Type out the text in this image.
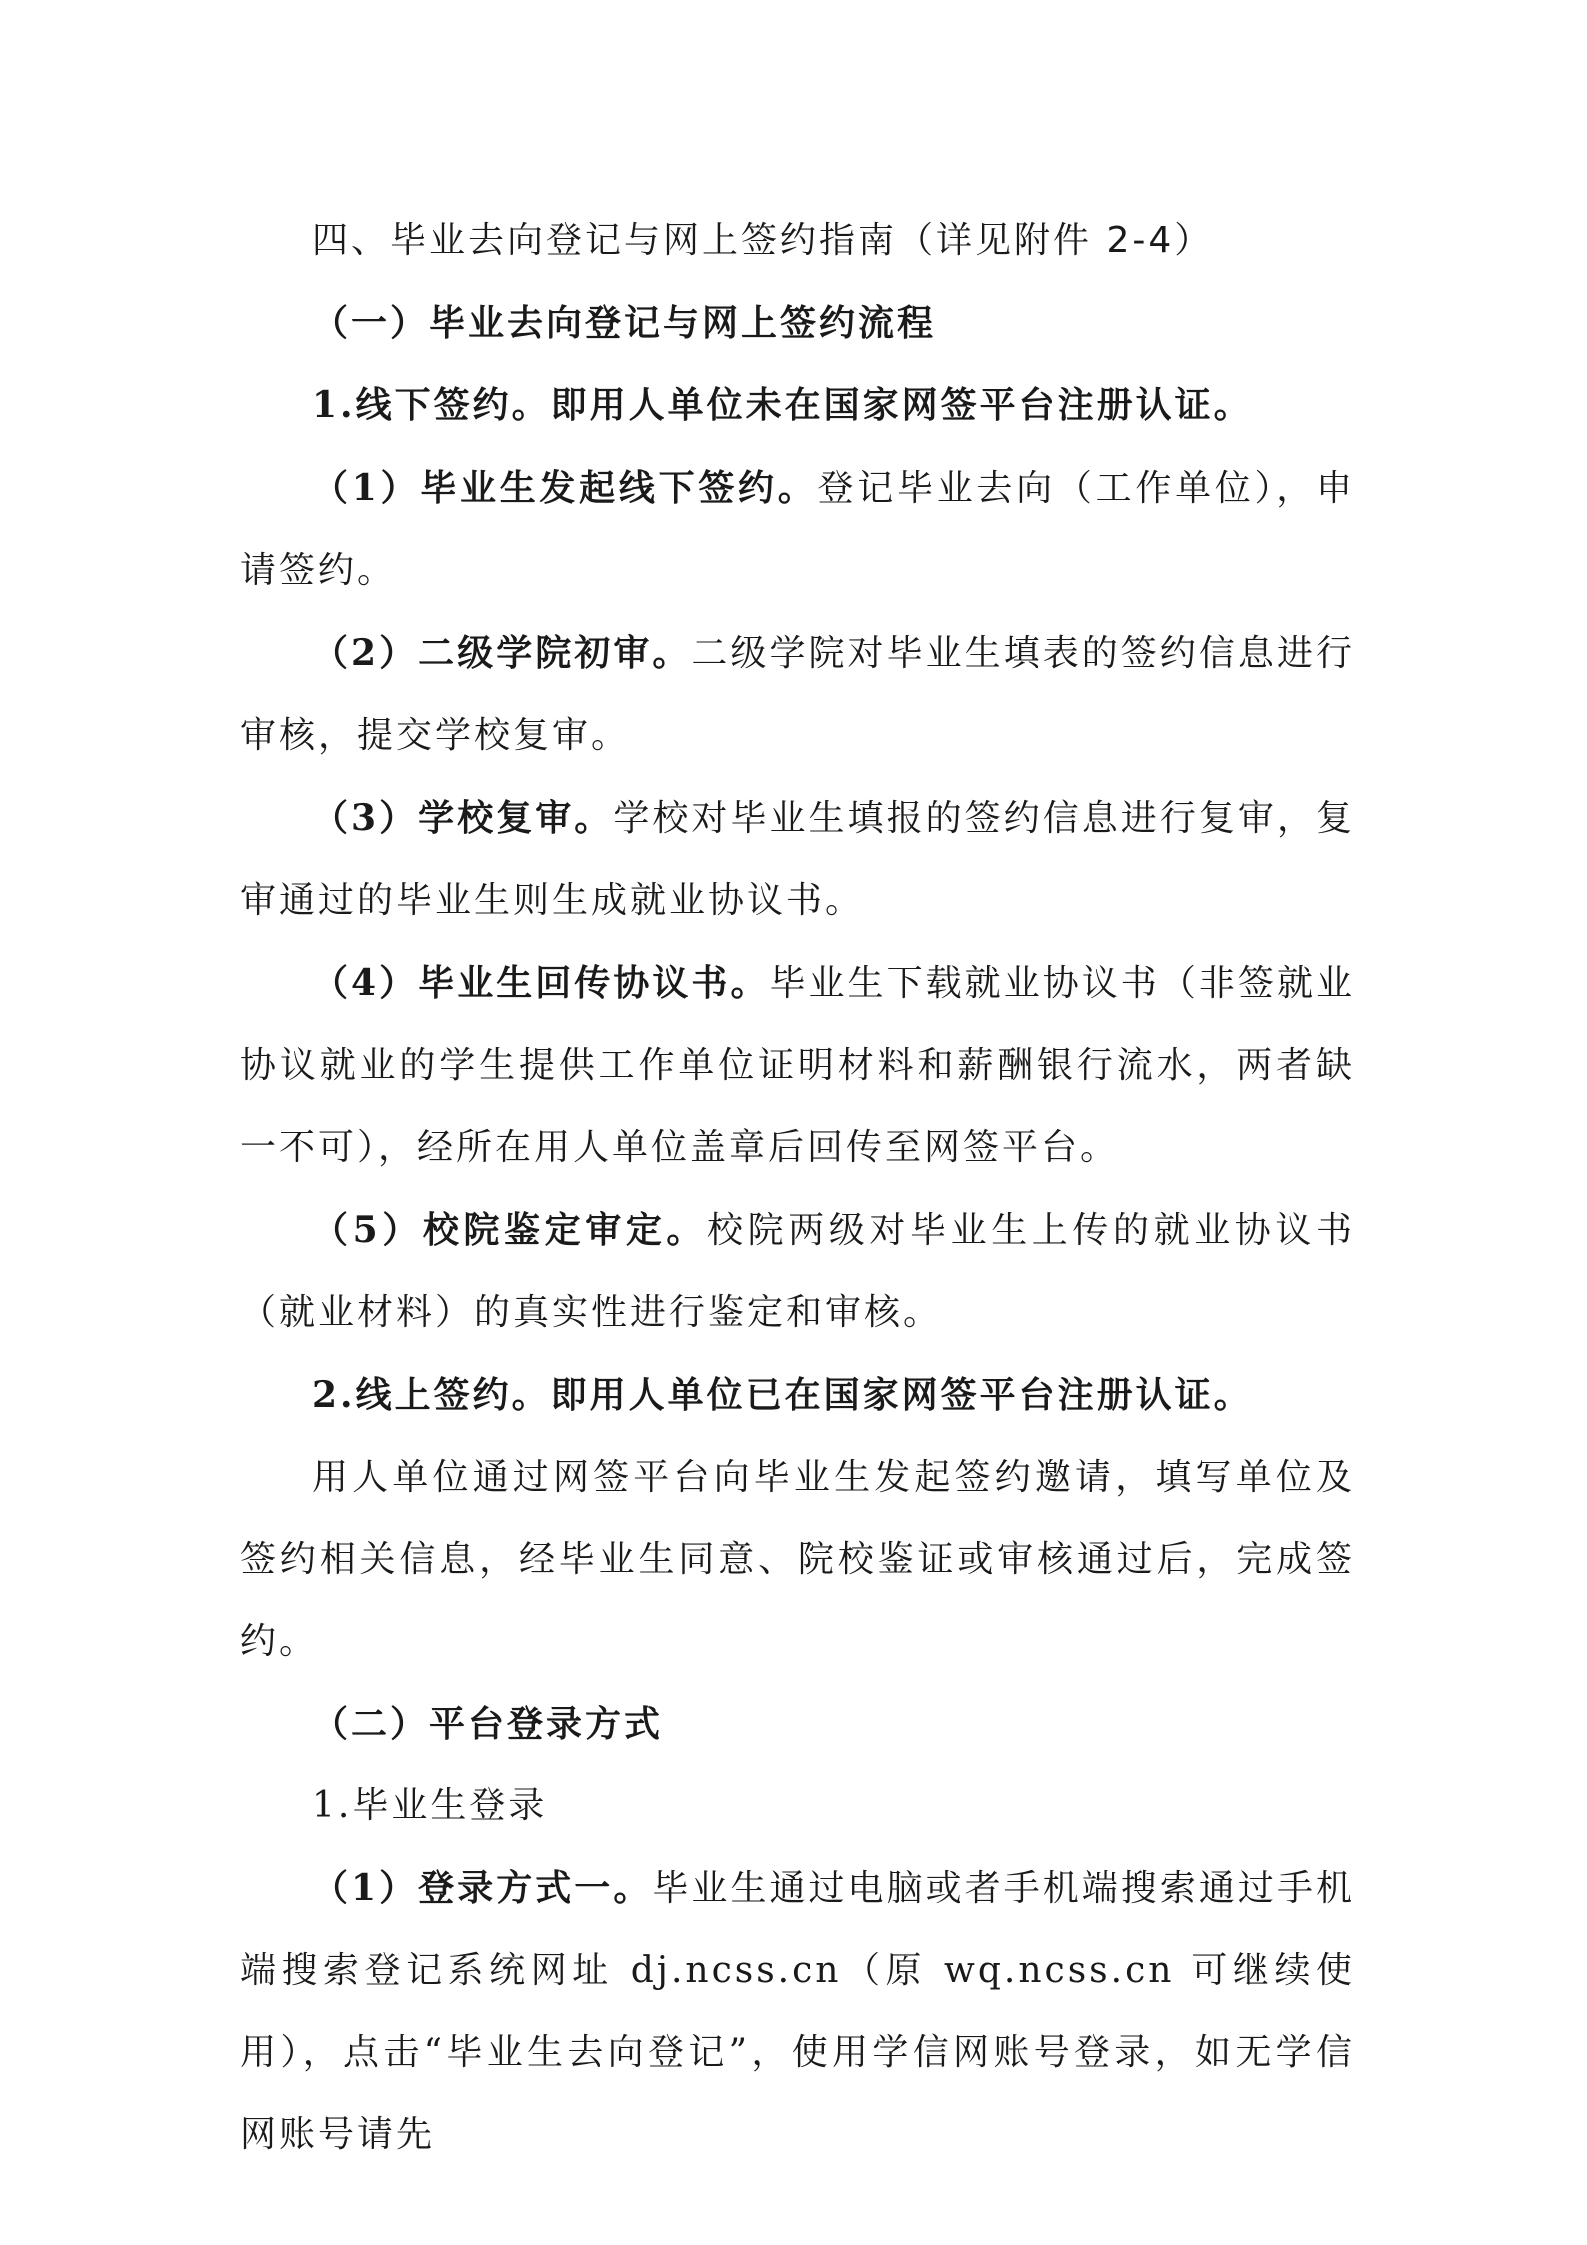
四、毕业去向登记与网上签约指南（详见附件 2-4）

（一）毕业去向登记与网上签约流程

1.线下签约。即用人单位未在国家网签平台注册认证。

（1）毕业生发起线下签约。登记毕业去向（工作单位），申请签约。

（2）二级学院初审。二级学院对毕业生填表的签约信息进行审核，提交学校复审。

（3）学校复审。学校对毕业生填报的签约信息进行复审，复审通过的毕业生则生成就业协议书。

（4）毕业生回传协议书。毕业生下载就业协议书（非签就业协议就业的学生提供工作单位证明材料和薪酬银行流水，两者缺一不可），经所在用人单位盖章后回传至网签平台。

（5）校院鉴定审定。校院两级对毕业生上传的就业协议书（就业材料）的真实性进行鉴定和审核。

2.线上签约。即用人单位已在国家网签平台注册认证。

用人单位通过网签平台向毕业生发起签约邀请，填写单位及签约相关信息，经毕业生同意、院校鉴证或审核通过后，完成签约。

（二）平台登录方式

1.毕业生登录

（1）登录方式一。毕业生通过电脑或者手机端搜索通过手机端搜索登记系统网址 dj.ncss.cn（原 wq.ncss.cn 可继续使用），点击“毕业生去向登记”，使用学信网账号登录，如无学信网账号请先
